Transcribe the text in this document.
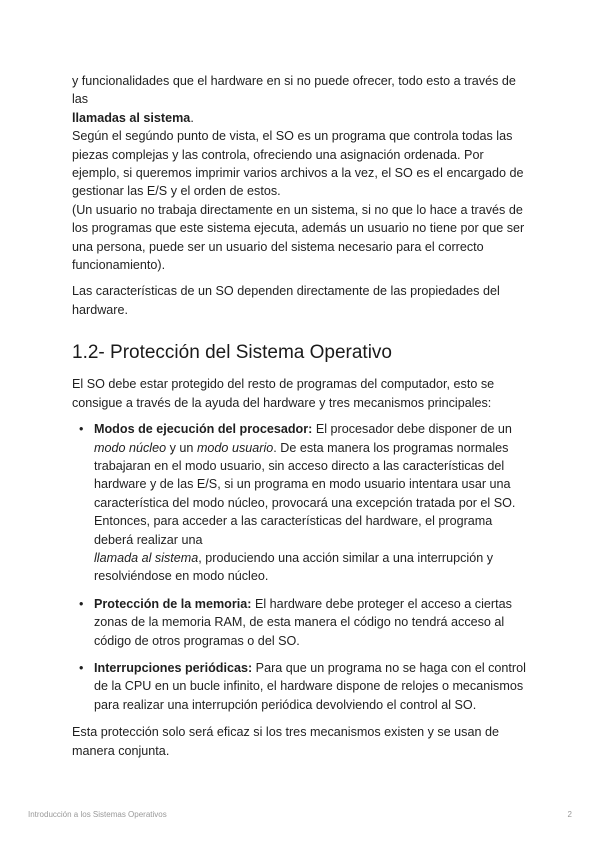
y funcionalidades que el hardware en si no puede ofrecer, todo esto a través de las
llamadas al sistema.
Según el segúndo punto de vista, el SO es un programa que controla todas las piezas complejas y las controla, ofreciendo una asignación ordenada. Por ejemplo, si queremos imprimir varios archivos a la vez, el SO es el encargado de gestionar las E/S y el orden de estos.
(Un usuario no trabaja directamente en un sistema, si no que lo hace a través de los programas que este sistema ejecuta, además un usuario no tiene por que ser una persona, puede ser un usuario del sistema necesario para el correcto funcionamiento).

Las características de un SO dependen directamente de las propiedades del hardware.

1.2- Protección del Sistema Operativo

El SO debe estar protegido del resto de programas del computador, esto se consigue a través de la ayuda del hardware y tres mecanismos principales:

• Modos de ejecución del procesador: El procesador debe disponer de un modo núcleo y un modo usuario. De esta manera los programas normales trabajaran en el modo usuario, sin acceso directo a las características del hardware y de las E/S, si un programa en modo usuario intentara usar una característica del modo núcleo, provocará una excepción tratada por el SO. Entonces, para acceder a las características del hardware, el programa deberá realizar una
llamada al sistema, produciendo una acción similar a una interrupción y resolviéndose en modo núcleo.
• Protección de la memoria: El hardware debe proteger el acceso a ciertas zonas de la memoria RAM, de esta manera el código no tendrá acceso al código de otros programas o del SO.
• Interrupciones periódicas: Para que un programa no se haga con el control de la CPU en un bucle infinito, el hardware dispone de relojes o mecanismos para realizar una interrupción periódica devolviendo el control al SO.

Esta protección solo será eficaz si los tres mecanismos existen y se usan de manera conjunta.

Introducción a los Sistemas Operativos	2
